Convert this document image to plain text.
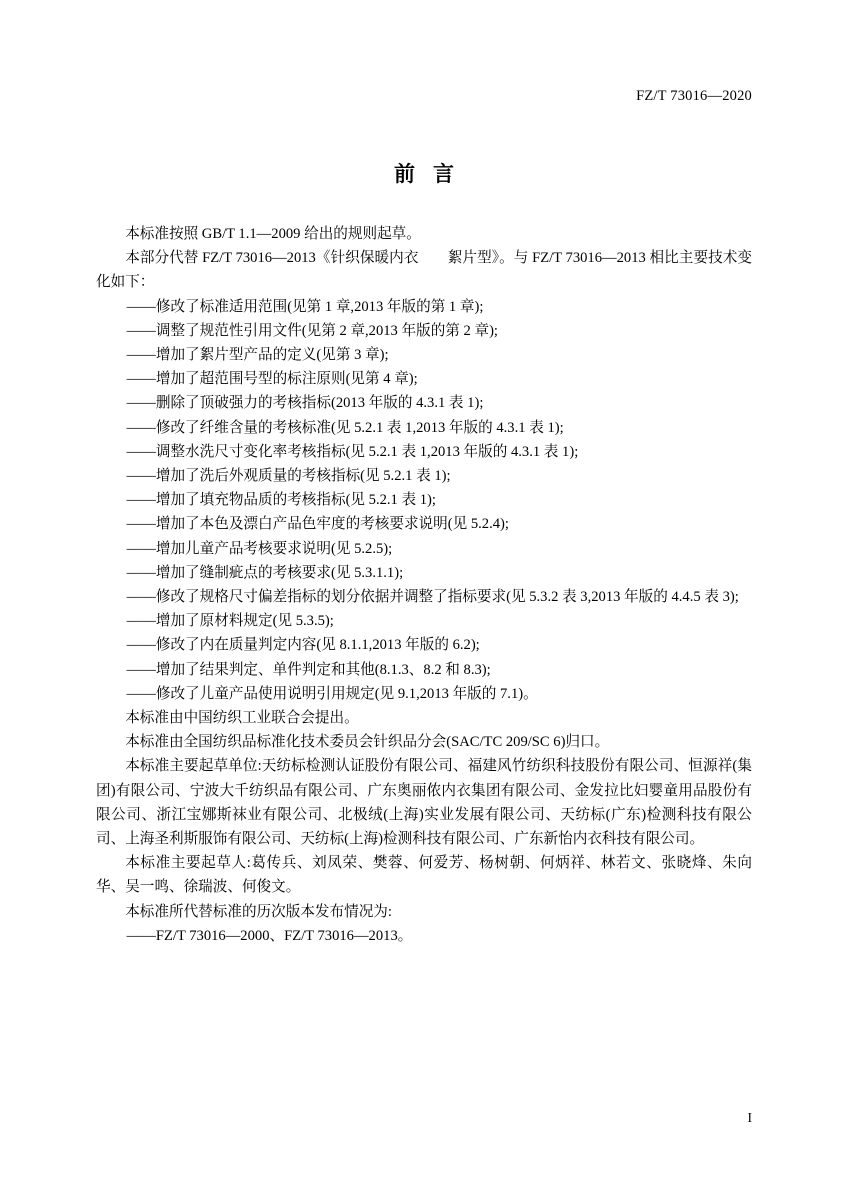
FZ/T 73016—2020
前言

本标准按照 GB/T 1.1—2009 给出的规则起草。

本部分代替 FZ/T 73016—2013《针织保暖内衣　　絮片型》。与 FZ/T 73016—2013 相比主要技术变化如下：

——修改了标准适用范围(见第 1 章,2013 年版的第 1 章);

——调整了规范性引用文件(见第 2 章,2013 年版的第 2 章);

——增加了絮片型产品的定义(见第 3 章);

——增加了超范围号型的标注原则(见第 4 章);

——删除了顶破强力的考核指标(2013 年版的 4.3.1 表 1);

——修改了纤维含量的考核标准(见 5.2.1 表 1,2013 年版的 4.3.1 表 1);

——调整水洗尺寸变化率考核指标(见 5.2.1 表 1,2013 年版的 4.3.1 表 1);

——增加了洗后外观质量的考核指标(见 5.2.1 表 1);

——增加了填充物品质的考核指标(见 5.2.1 表 1);

——增加了本色及漂白产品色牢度的考核要求说明(见 5.2.4);

——增加儿童产品考核要求说明(见 5.2.5);

——增加了缝制疵点的考核要求(见 5.3.1.1);

——修改了规格尺寸偏差指标的划分依据并调整了指标要求(见 5.3.2 表 3,2013 年版的 4.4.5 表 3);

——增加了原材料规定(见 5.3.5);

——修改了内在质量判定内容(见 8.1.1,2013 年版的 6.2);

——增加了结果判定、单件判定和其他(8.1.3、8.2 和 8.3);

——修改了儿童产品使用说明引用规定(见 9.1,2013 年版的 7.1)。

本标准由中国纺织工业联合会提出。

本标准由全国纺织品标准化技术委员会针织品分会(SAC/TC 209/SC 6)归口。

本标准主要起草单位:天纺标检测认证股份有限公司、福建风竹纺织科技股份有限公司、恒源祥(集团)有限公司、宁波大千纺织品有限公司、广东奥丽侬内衣集团有限公司、金发拉比妇婴童用品股份有限公司、浙江宝娜斯袜业有限公司、北极绒(上海)实业发展有限公司、天纺标(广东)检测科技有限公司、上海圣利斯服饰有限公司、天纺标(上海)检测科技有限公司、广东新怡内衣科技有限公司。

本标准主要起草人:葛传兵、刘凤荣、樊蓉、何爱芳、杨树朝、何炳祥、林若文、张晓烽、朱向华、吴一鸣、徐瑞波、何俊文。

本标准所代替标准的历次版本发布情况为:

——FZ/T 73016—2000、FZ/T 73016—2013。

I
